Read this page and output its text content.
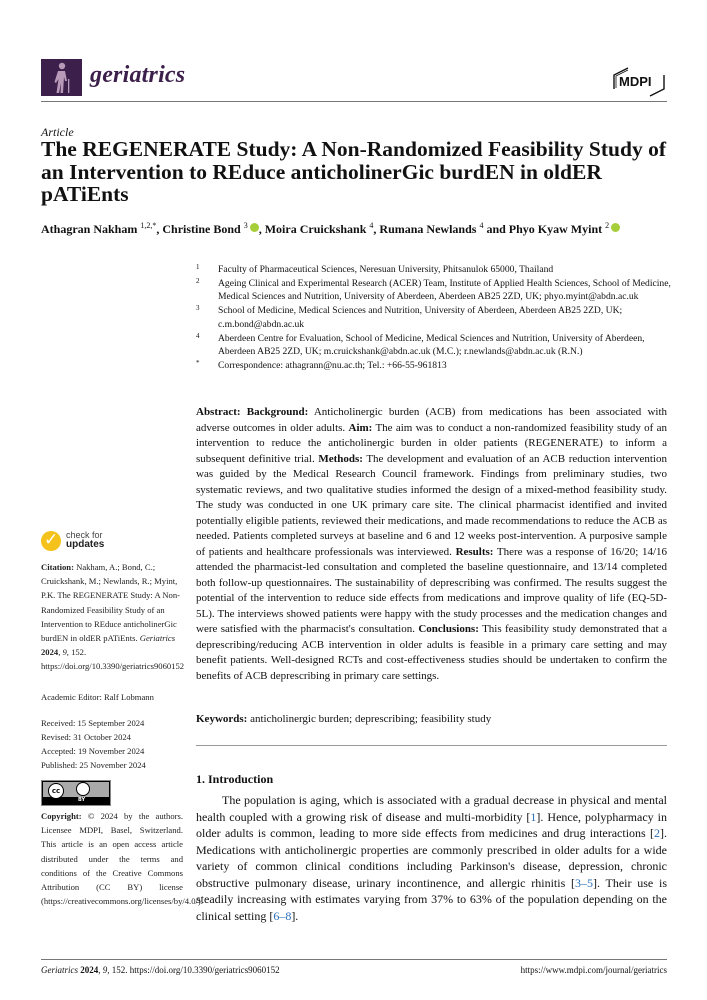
geriatrics	MDPI
Article
The REGENERATE Study: A Non-Randomized Feasibility Study of an Intervention to REduce anticholinerGic burdEN in oldER pATiEnts
Athagran Nakham $^{1,2,*}$, Christine Bond $^3$ , Moira Cruickshank $^4$, Rumana Newlands $^4$ and Phyo Kyaw Myint $^2$
1 Faculty of Pharmaceutical Sciences, Neresuan University, Phitsanulok 65000, Thailand
2 Ageing Clinical and Experimental Research (ACER) Team, Institute of Applied Health Sciences, School of Medicine, Medical Sciences and Nutrition, University of Aberdeen, Aberdeen AB25 2ZD, UK; phyo.myint@abdn.ac.uk
3 School of Medicine, Medical Sciences and Nutrition, University of Aberdeen, Aberdeen AB25 2ZD, UK; c.m.bond@abdn.ac.uk
4 Aberdeen Centre for Evaluation, School of Medicine, Medical Sciences and Nutrition, University of Aberdeen, Aberdeen AB25 2ZD, UK; m.cruickshank@abdn.ac.uk (M.C.); r.newlands@abdn.ac.uk (R.N.)
* Correspondence: athagrann@nu.ac.th; Tel.: +66-55-961813
Abstract: Background: Anticholinergic burden (ACB) from medications has been associated with adverse outcomes in older adults. Aim: The aim was to conduct a non-randomized feasibility study of an intervention to reduce the anticholinergic burden in older patients (REGENERATE) to inform a subsequent definitive trial. Methods: The development and evaluation of an ACB reduction intervention was guided by the Medical Research Council framework. Findings from preliminary studies, two systematic reviews, and two qualitative studies informed the design of a mixed-method feasibility study. The study was conducted in one UK primary care site. The clinical pharmacist identified and invited potentially eligible patients, reviewed their medications, and made recommendations to reduce the ACB as needed. Patients completed surveys at baseline and 6 and 12 weeks post-intervention. A purposive sample of patients and healthcare professionals was interviewed. Results: There was a response of 16/20; 14/16 attended the pharmacist-led consultation and completed the baseline questionnaire, and 13/14 completed both follow-up questionnaires. The sustainability of deprescribing was confirmed. The results suggest the potential of the intervention to reduce side effects from medications and improve quality of life (EQ-5D-5L). The interviews showed patients were happy with the study processes and the medication changes and were satisfied with the pharmacist's consultation. Conclusions: This feasibility study demonstrated that a deprescribing/reducing ACB intervention in older adults is feasible in a primary care setting and may benefit patients. Well-designed RCTs and cost-effectiveness studies should be undertaken to confirm the benefits of ACB deprescribing in primary care settings.
Keywords: anticholinergic burden; deprescribing; feasibility study
1. Introduction
The population is aging, which is associated with a gradual decrease in physical and mental health coupled with a growing risk of disease and multi-morbidity [1]. Hence, polypharmacy in older adults is common, leading to more side effects from medicines and drug interactions [2]. Medications with anticholinergic properties are commonly prescribed in older adults for a wide variety of common clinical conditions including Parkinson's disease, depression, chronic obstructive pulmonary disease, urinary incontinence, and allergic rhinitis [3–5]. Their use is steadily increasing with estimates varying from 37% to 63% of the population depending on the clinical setting [6–8].
✓ check for
updates
Citation: Nakham, A.; Bond, C.; Cruickshank, M.; Newlands, R.; Myint, P.K. The REGENERATE Study: A Non-Randomized Feasibility Study of an Intervention to REduce anticholinerGic burdEN in oldER pATiEnts. Geriatrics 2024, 9, 152. https://doi.org/10.3390/geriatrics9060152
Academic Editor: Ralf Lobmann
Received: 15 September 2024
Revised: 31 October 2024
Accepted: 19 November 2024
Published: 25 November 2024
cc
BY
Copyright: © 2024 by the authors. Licensee MDPI, Basel, Switzerland. This article is an open access article distributed under the terms and conditions of the Creative Commons Attribution (CC BY) license (https://creativecommons.org/licenses/by/4.0/).
Geriatrics 2024, 9, 152. https://doi.org/10.3390/geriatrics9060152	https://www.mdpi.com/journal/geriatrics
